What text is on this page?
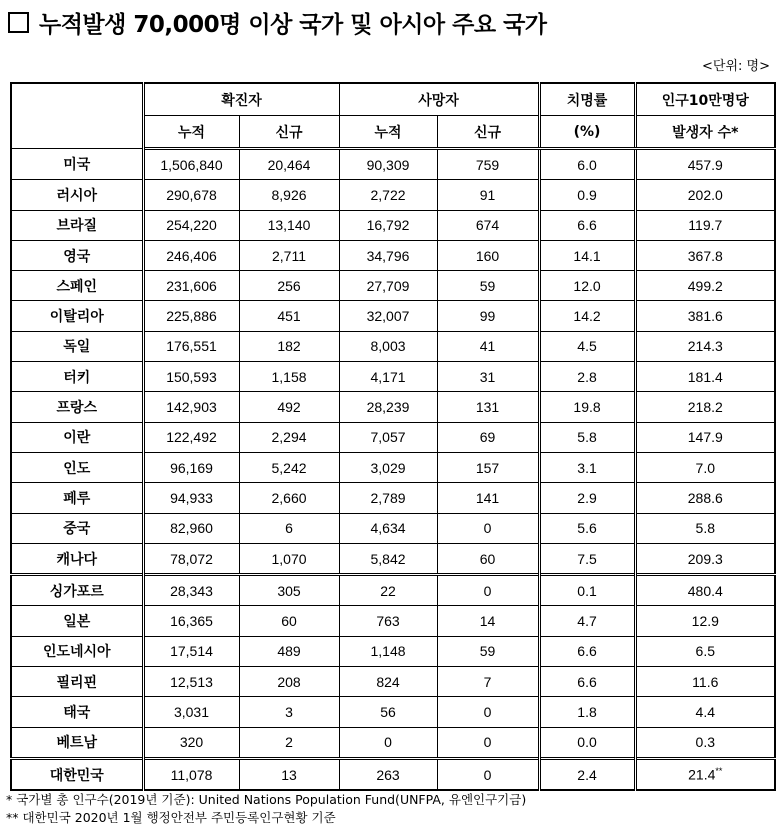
누적발생 70,000명 이상 국가 및 아시아 주요 국가
<단위: 명>
	확진자		사망자		치명률	인구10만명당
	누적	신규	누적	신규	(%)	발생자 수*
미국	1,506,840	20,464	90,309	759	6.0	457.9
러시아	290,678	8,926	2,722	91	0.9	202.0
브라질	254,220	13,140	16,792	674	6.6	119.7
영국	246,406	2,711	34,796	160	14.1	367.8
스페인	231,606	256	27,709	59	12.0	499.2
이탈리아	225,886	451	32,007	99	14.2	381.6
독일	176,551	182	8,003	41	4.5	214.3
터키	150,593	1,158	4,171	31	2.8	181.4
프랑스	142,903	492	28,239	131	19.8	218.2
이란	122,492	2,294	7,057	69	5.8	147.9
인도	96,169	5,242	3,029	157	3.1	7.0
페루	94,933	2,660	2,789	141	2.9	288.6
중국	82,960	6	4,634	0	5.6	5.8
캐나다	78,072	1,070	5,842	60	7.5	209.3
싱가포르	28,343	305	22	0	0.1	480.4
일본	16,365	60	763	14	4.7	12.9
인도네시아	17,514	489	1,148	59	6.6	6.5
필리핀	12,513	208	824	7	6.6	11.6
태국	3,031	3	56	0	1.8	4.4
베트남	320	2	0	0	0.0	0.3
대한민국	11,078	13	263	0	2.4	21.4**
* 국가별 총 인구수(2019년 기준): United Nations Population Fund(UNFPA, 유엔인구기금)
** 대한민국 2020년 1월 행정안전부 주민등록인구현황 기준
